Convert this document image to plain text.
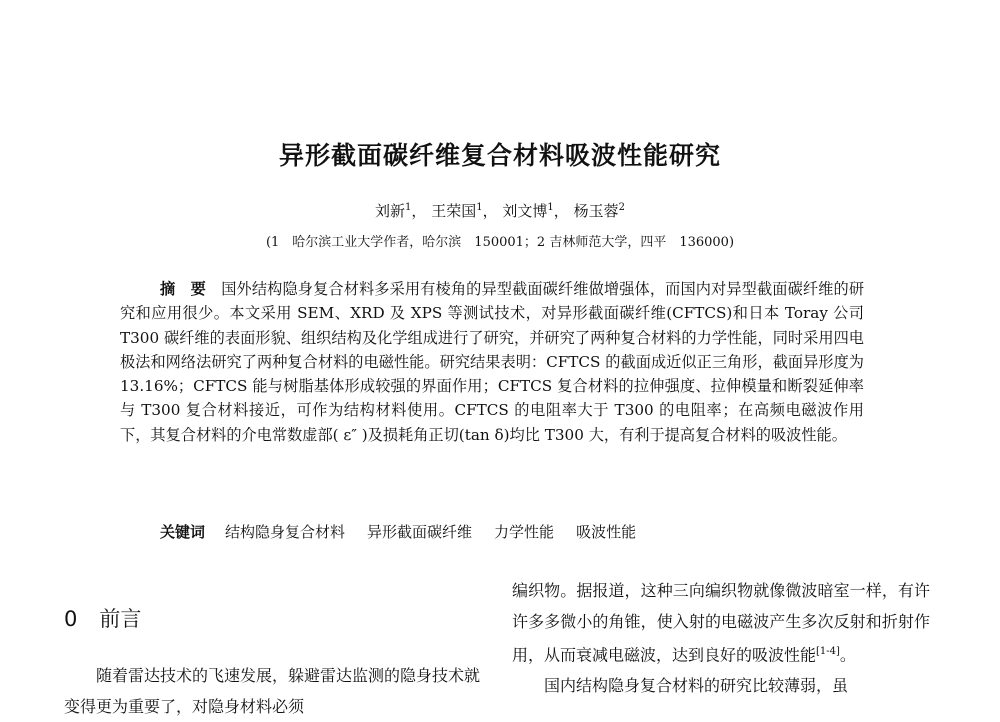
异形截面碳纤维复合材料吸波性能研究
刘新$^1$， 王荣国$^1$， 刘文博$^1$， 杨玉蓉$^2$
(1　哈尔滨工业大学作者，哈尔滨　150001；2 吉林师范大学，四平　136000)

摘　要　 国外结构隐身复合材料多采用有棱角的异型截面碳纤维做增强体，而国内对异型截面碳纤维的研究和应用很少。本文采用 SEM、XRD 及 XPS 等测试技术，对异形截面碳纤维(CFTCS)和日本 Toray 公司 T300 碳纤维的表面形貌、组织结构及化学组成进行了研究，并研究了两种复合材料的力学性能，同时采用四电极法和网络法研究了两种复合材料的电磁性能。研究结果表明：CFTCS 的截面成近似正三角形，截面异形度为 13.16%；CFTCS 能与树脂基体形成较强的界面作用；CFTCS 复合材料的拉伸强度、拉伸模量和断裂延伸率与 T300 复合材料接近，可作为结构材料使用。CFTCS 的电阻率大于 T300 的电阻率；在高频电磁波作用下，其复合材料的介电常数虚部( ε″ )及损耗角正切(tan δ)均比 T300 大，有利于提高复合材料的吸波性能。

关键词 结构隐身复合材料 异形截面碳纤维 力学性能 吸波性能

0 前言

随着雷达技术的飞速发展，躲避雷达监测的隐身技术就变得更为重要了，对隐身材料必须

编织物。据报道，这种三向编织物就像微波暗室一样，有许许多多微小的角锥，使入射的电磁波产生多次反射和折射作用，从而衰减电磁波，达到良好的吸波性能[1-4]。

国内结构隐身复合材料的研究比较薄弱，虽
